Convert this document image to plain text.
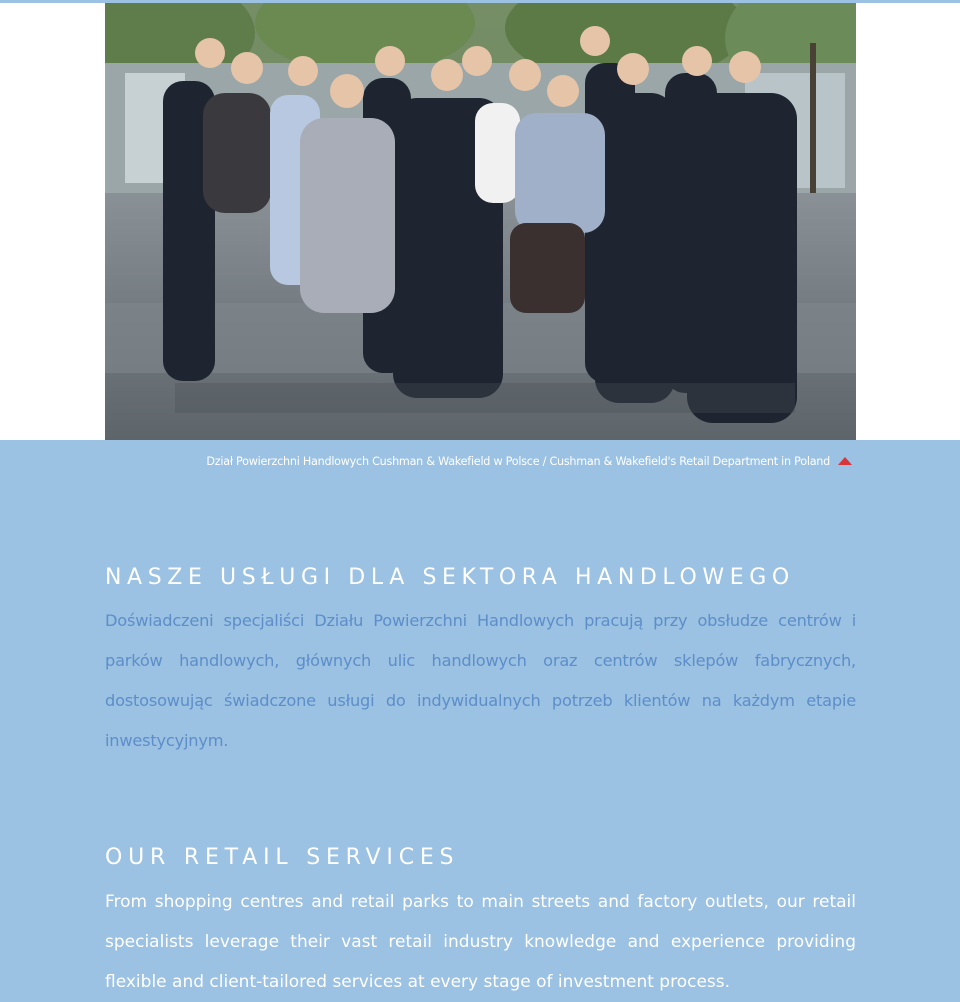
Dział Powierzchni Handlowych Cushman & Wakefield w Polsce / Cushman & Wakefield's Retail Department in Poland
NASZE USŁUGI DLA SEKTORA HANDLOWEGO

Doświadczeni specjaliści Działu Powierzchni Handlowych pracują przy obsłudze centrów i parków handlowych, głównych ulic handlowych oraz centrów sklepów fabrycznych, dostosowując świadczone usługi do indywidualnych potrzeb klientów na każdym etapie inwestycyjnym.

OUR RETAIL SERVICES

From shopping centres and retail parks to main streets and factory outlets, our retail specialists leverage their vast retail industry knowledge and experience providing flexible and client-tailored services at every stage of investment process.
